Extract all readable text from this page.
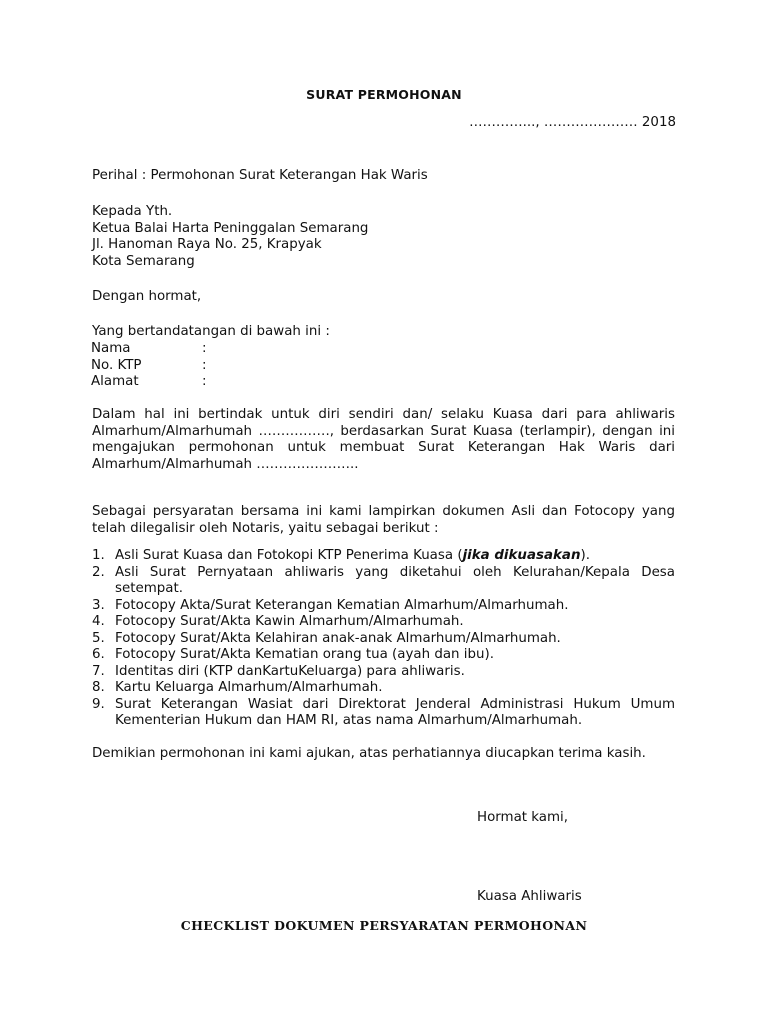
SURAT PERMOHONAN
…………..., ………………… 2018
Perihal : Permohonan Surat Keterangan Hak Waris
Kepada Yth.
Ketua Balai Harta Peninggalan Semarang
Jl. Hanoman Raya No. 25, Krapyak
Kota Semarang
Dengan hormat,
Yang bertandatangan di bawah ini :
Nama	:
No. KTP	:
Alamat	:
Dalam hal ini bertindak untuk diri sendiri dan/ selaku Kuasa dari para ahliwaris Almarhum/Almarhumah ……………., berdasarkan Surat Kuasa (terlampir), dengan ini mengajukan permohonan untuk membuat Surat Keterangan Hak Waris dari Almarhum/Almarhumah …………………..
Sebagai persyaratan bersama ini kami lampirkan dokumen Asli dan Fotocopy yang telah dilegalisir oleh Notaris, yaitu sebagai berikut :
1. Asli Surat Kuasa dan Fotokopi KTP Penerima Kuasa (jika dikuasakan).
2. Asli Surat Pernyataan ahliwaris yang diketahui oleh Kelurahan/Kepala Desa setempat.
3. Fotocopy Akta/Surat Keterangan Kematian Almarhum/Almarhumah.
4. Fotocopy Surat/Akta Kawin Almarhum/Almarhumah.
5. Fotocopy Surat/Akta Kelahiran anak-anak Almarhum/Almarhumah.
6. Fotocopy Surat/Akta Kematian orang tua (ayah dan ibu).
7. Identitas diri (KTP danKartuKeluarga) para ahliwaris.
8. Kartu Keluarga Almarhum/Almarhumah.
9. Surat Keterangan Wasiat dari Direktorat Jenderal Administrasi Hukum Umum Kementerian Hukum dan HAM RI, atas nama Almarhum/Almarhumah.
Demikian permohonan ini kami ajukan, atas perhatiannya diucapkan terima kasih.
Hormat kami,
Kuasa Ahliwaris
CHECKLIST DOKUMEN PERSYARATAN PERMOHONAN
